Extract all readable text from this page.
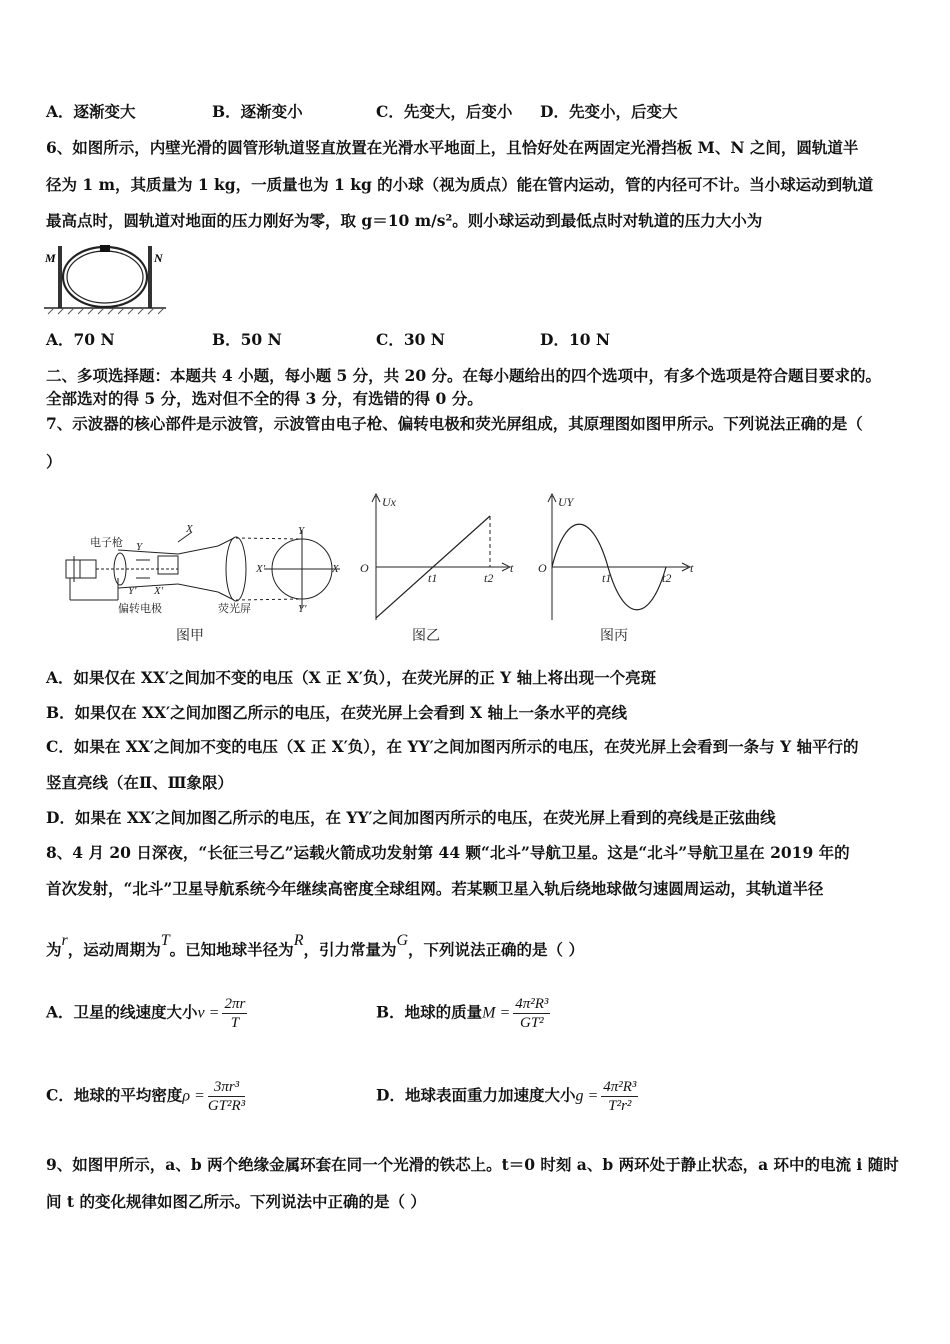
A．逐渐变大	B．逐渐变小	C．先变大，后变小 D．先变小，后变大
6、如图所示，内壁光滑的圆管形轨道竖直放置在光滑水平地面上，且恰好处在两固定光滑挡板 M、N 之间，圆轨道半
径为 1 m，其质量为 1 kg，一质量也为 1 kg 的小球（视为质点）能在管内运动，管的内径可不计。当小球运动到轨道
最高点时，圆轨道对地面的压力刚好为零，取 g＝10 m/s²。则小球运动到最低点时对轨道的压力大小为
M	N
A．70 N	B．50 N	C．30 N	D．10 N
二、多项选择题：本题共 4 小题，每小题 5 分，共 20 分。在每小题给出的四个选项中，有多个选项是符合题目要求的。
全部选对的得 5 分，选对但不全的得 3 分，有选错的得 0 分。
7、示波器的核心部件是示波管，示波管由电子枪、偏转电极和荧光屏组成，其原理图如图甲所示。下列说法正确的是（
）
电子枪 Y
X
Y′ X′
偏转电极	荧光屏
Y
Y′
X
X′
图甲
Ux
O
t1	t2
t
图乙
UY
O
t1	t2
t
图丙
A．如果仅在 XX′之间加不变的电压（X 正 X′负），在荧光屏的正 Y 轴上将出现一个亮斑
B．如果仅在 XX′之间加图乙所示的电压，在荧光屏上会看到 X 轴上一条水平的亮线
C．如果在 XX′之间加不变的电压（X 正 X′负），在 YY′之间加图丙所示的电压，在荧光屏上会看到一条与 Y 轴平行的
竖直亮线（在Ⅱ、Ⅲ象限）
D．如果在 XX′之间加图乙所示的电压，在 YY′之间加图丙所示的电压，在荧光屏上看到的亮线是正弦曲线
8、4 月 20 日深夜，“长征三号乙”运载火箭成功发射第 44 颗“北斗”导航卫星。这是“北斗”导航卫星在 2019 年的
首次发射，“北斗”卫星导航系统今年继续高密度全球组网。若某颗卫星入轨后绕地球做匀速圆周运动，其轨道半径
为r，运动周期为T。已知地球半径为R，引力常量为G，下列说法正确的是（ ）
A．卫星的线速度大小$v = \frac{2\pi r}{T}$	B．地球的质量$M = \frac{\text{4π²R³}}{\text{GT²}}$
C．地球的平均密度$\rho = \frac{\text{3πr³}}{\text{GT²R³}}$	D．地球表面重力加速度大小$g = \frac{\text{4π²R³}}{\text{T²r²}}$
9、如图甲所示，a、b 两个绝缘金属环套在同一个光滑的铁芯上。t＝0 时刻 a、b 两环处于静止状态，a 环中的电流 i 随时
间 t 的变化规律如图乙所示。下列说法中正确的是（ ）
